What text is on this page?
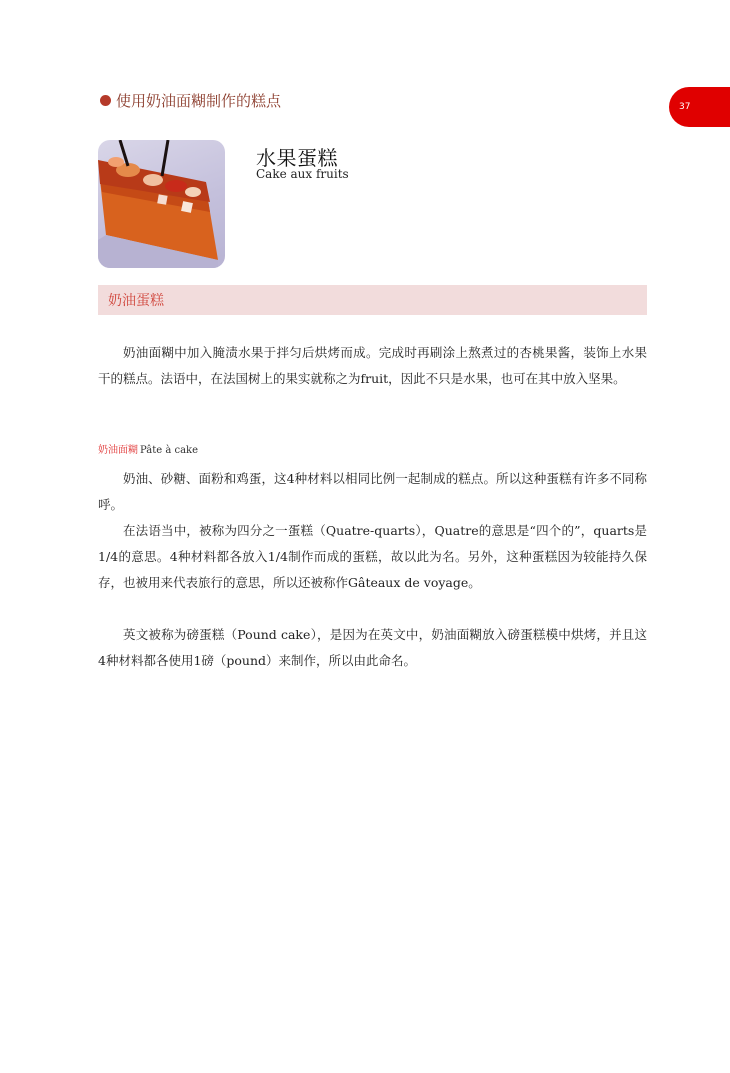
使用奶油面糊制作的糕点	37
水果蛋糕
Cake aux fruits
奶油蛋糕

奶油面糊中加入腌渍水果于拌匀后烘烤而成。完成时再刷涂上熬煮过的杏桃果酱，装饰上水果干的糕点。法语中，在法国树上的果实就称之为fruit，因此不只是水果，也可在其中放入坚果。

奶油面糊 Pâte à cake

奶油、砂糖、面粉和鸡蛋，这4种材料以相同比例一起制成的糕点。所以这种蛋糕有许多不同称呼。

在法语当中，被称为四分之一蛋糕（Quatre-quarts），Quatre的意思是“四个的”，quarts是1/4的意思。4种材料都各放入1/4制作而成的蛋糕，故以此为名。另外，这种蛋糕因为较能持久保存，也被用来代表旅行的意思，所以还被称作Gâteaux de voyage。

英文被称为磅蛋糕（Pound cake），是因为在英文中，奶油面糊放入磅蛋糕模中烘烤，并且这4种材料都各使用1磅（pound）来制作，所以由此命名。
